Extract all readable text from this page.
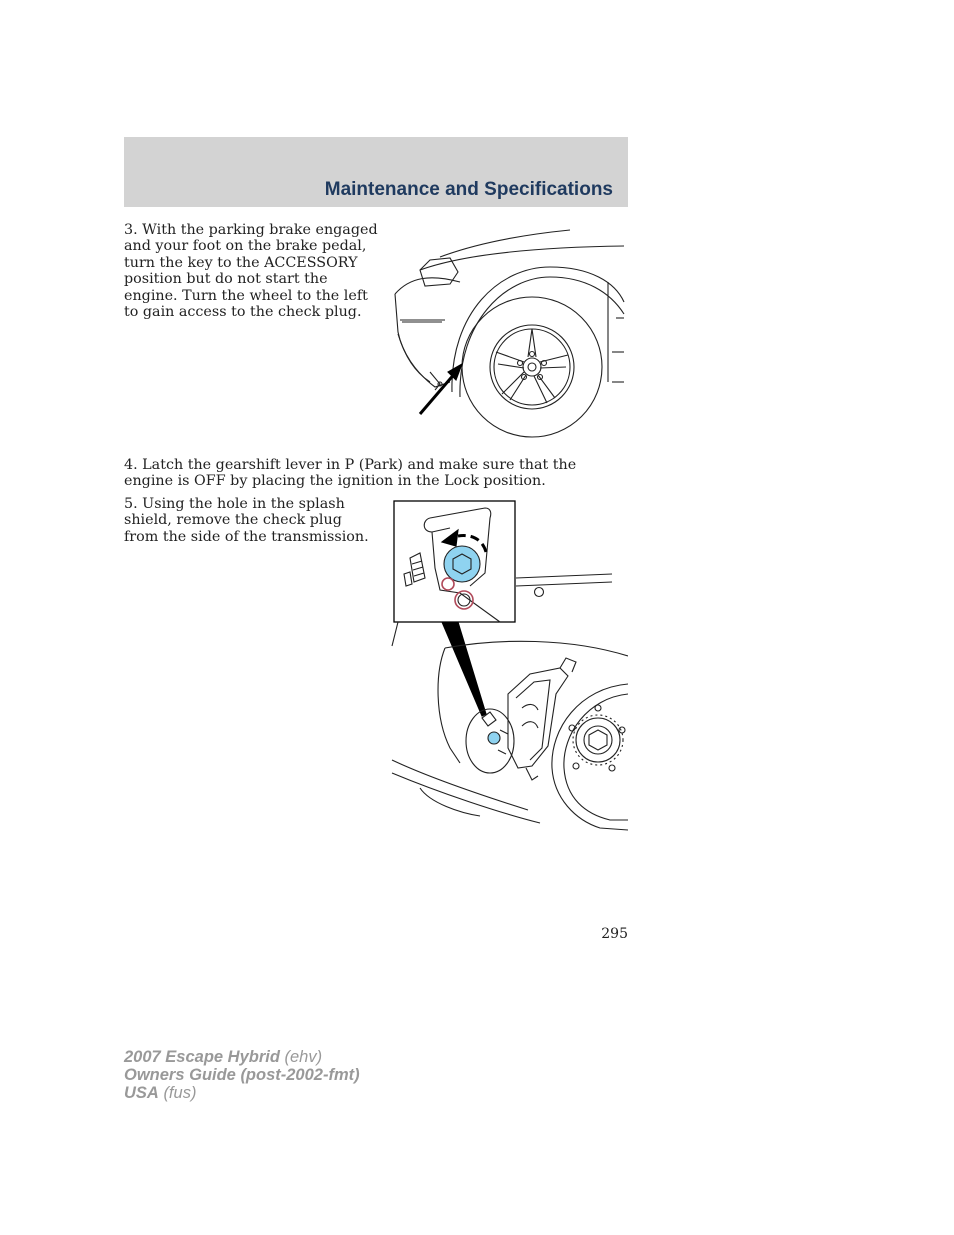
Maintenance and Specifications

3. With the parking brake engaged and your foot on the brake pedal, turn the key to the ACCESSORY position but do not start the engine. Turn the wheel to the left to gain access to the check plug.

4. Latch the gearshift lever in P (Park) and make sure that the engine is OFF by placing the ignition in the Lock position.

5. Using the hole in the splash shield, remove the check plug from the side of the transmission.

295

2007 Escape Hybrid (ehv)
Owners Guide (post-2002-fmt)
USA (fus)
